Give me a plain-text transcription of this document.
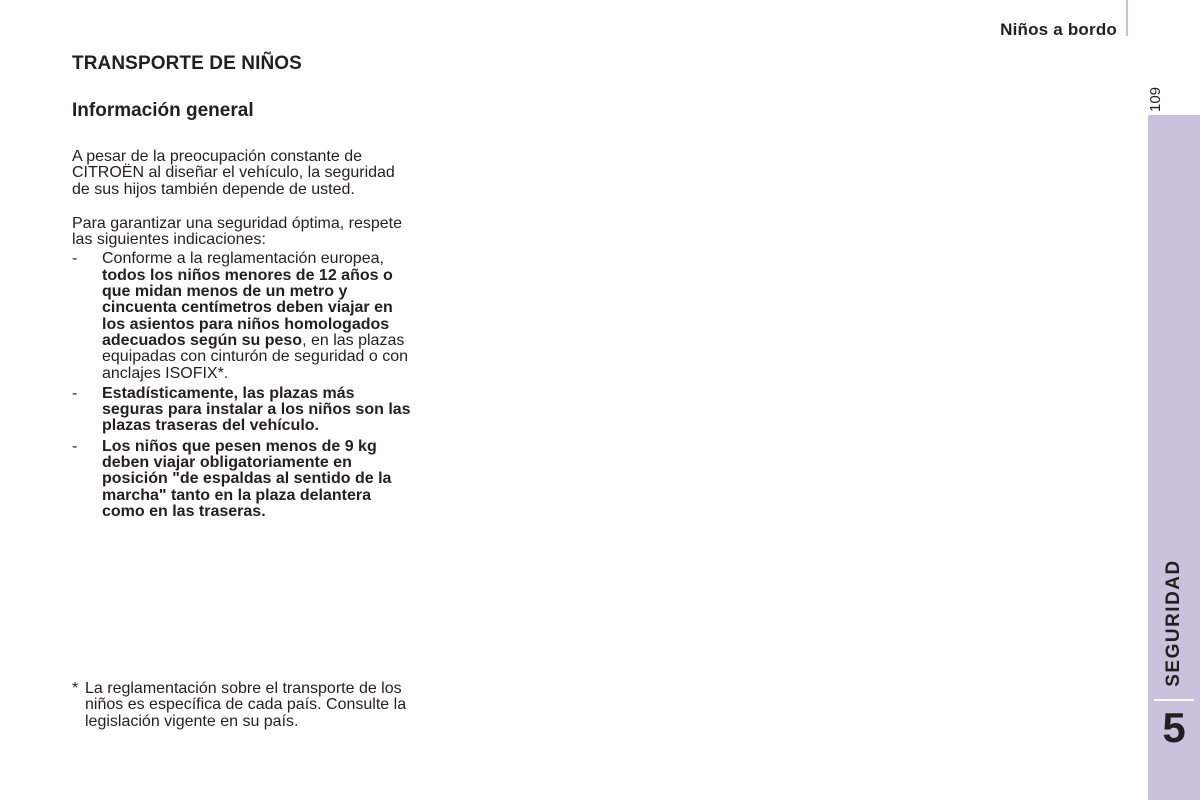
Niños a bordo
109
SEGURIDAD
5
TRANSPORTE DE NIÑOS
Información general

A pesar de la preocupación constante de CITROËN al diseñar el vehículo, la seguridad de sus hijos también depende de usted.

Para garantizar una seguridad óptima, respete las siguientes indicaciones:

- Conforme a la reglamentación europea, todos los niños menores de 12 años o que midan menos de un metro y cincuenta centímetros deben viajar en los asientos para niños homologados adecuados según su peso, en las plazas equipadas con cinturón de seguridad o con anclajes ISOFIX*.
- Estadísticamente, las plazas más seguras para instalar a los niños son las plazas traseras del vehículo.
- Los niños que pesen menos de 9 kg deben viajar obligatoriamente en posición "de espaldas al sentido de la marcha" tanto en la plaza delantera como en las traseras.
* La reglamentación sobre el transporte de los niños es específica de cada país. Consulte la legislación vigente en su país.
